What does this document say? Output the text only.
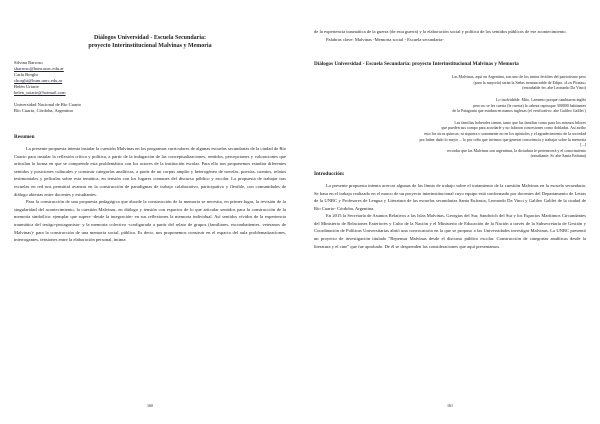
Diálogos Universidad - Escuela Secundaria:
proyecto Interinstitucional Malvinas y Memoria
Silvina Barroso
sbarroso@hum.unrc.edu.ar
Carla Borghi
cborghi@hum.unrc.edu.ar
Belén Uriarte
belen_uriarte@hotmail.com
Universidad Nacional de Río Cuarto
Río Cuarto, Córdoba, Argentina
Resumen

La presente propuesta intenta instalar la cuestión Malvinas en los programas curriculares de algunas escuelas secundarias de la ciudad de Río Cuarto para instalar la reflexión crítica y política, a partir de la indagación de las conceptualizaciones, sentidos, percepciones y valoraciones que articulan la forma en que se comprende esta problemática con los actores de la institución escolar. Para ello nos proponemos estudiar diferentes sentidos y posiciones culturales y construir categorías analíticas, a partir de un corpus amplio y heterogéneo de novelas, poesías, cuentos, relatos testimoniales y películas sobre esta temática, en tensión con los lugares comunes del discurso público y escolar. La propuesta de trabajar tras escuelas en red nos permitirá avanzar en la construcción de paradigmas de trabajo colaborativo, participativo y flexible, con comunidades de diálogo abiertas entre docentes y estudiantes.

Para la construcción de una propuesta pedagógica que aborde la construcción de la memoria se necesita, en primer lugar, la revisión de la singularidad del acontecimiento, la cuestión Malvinas, en diálogo y tensión con espacios de lo que articular sentidos para la construcción de la memoria simbólica: ejemplar que supere -desde la integración- en sus reflexiones la memoria individual. Así sentidos vívidos de la experiencia traumática del testigo-protagonista- y la memoria colectiva -configurada a partir del relato de grupos (familiares, excombatientes, veteranos de Malvinas)- para la construcción de una memoria social, pública. Es decir, nos proponemos construir en el espacio del aula problematizaciones, interrogantes, tensiones entre la elaboración personal, íntima

160

de la experiencia traumática de la guerra (de esta guerra) y la elaboración social y política de los sentidos públicos de ese acontecimiento.

Palabras clave: Malvinas -Memoria social - Escuela secundaria-

Diálogos Universidad - Escuela Secundaria: proyecto Interinstitucional Malvinas y Memoria
Las Malvinas, aquí en Argentina, son uno de los tantos fetiches del patriotismo pero
(para la mayoría) serán la Señas irrenunciable de Edipo. «Los Piratas»
(entrañable fer. abe Leonardo Da Vinci)
Lo inolvidable. Mito. Lamento porque cambiaron inglés
pero no se les cuesta (le cuesta) la cabeza rapiroque 300000 habitantes
de la Patagonia que estaban en manos inglesas (el verificativo: abe Galileo Galilei )
Las familias hoberales tienen, tanto que las familias como para los mismos hilores
que pueden sus compo para acordarle y no faltaron concesiones como dobladas. Así atribo
esto los otros quincas; ni siquiera o sonamente no en los apóstoles y el agradecimiento de la sociedad
por haber dado lo mejor ... lo por ceño que tuvimos que generar consciencia y trabajar sobre la memoria
[...]
recordar que las Malvinas son argentinas, la dictadura le pertenecerá y el conocimiento
(estudiante: Sr. abe Santa Enfrana)
Introducción:

La presente propuesta intenta acercar algunas de las líneas de trabajo sobre el tratamiento de la cuestión Malvinas en la escuela secundaria. Se basa en el trabajo realizado en el marco de un proyecto interinstitucional cuyo equipo está conformado por docentes del Departamento de Letras de la UNRC y Profesores de Lengua y Literatura de las escuelas secundarias Santa Eufrasia, Leonardo Da Vinci y Galileo Galilei de la ciudad de Río Cuarto- Córdoba, Argentina.

En 2015 la Secretaría de Asuntos Relativos a las Islas Malvinas, Georgias del Sur, Sandwich del Sur y los Espacios Marítimos Circundantes del Ministerio de Relaciones Exteriores y Culto de la Nación y el Ministerio de Educación de la Nación a través de la Subsecretaría de Gestión y Coordinación de Políticas Universitarias abrió una convocatoria en la que se propuso a las Universidades investigar Malvinas. La UNRC presentó un proyecto de investigación titulado "Repensar Malvinas desde el discurso público escolar. Construcción de categorías analíticas desde la literatura y el cine" que fue aprobado. De él se desprenden las consideraciones que aquí presentamos.

161
